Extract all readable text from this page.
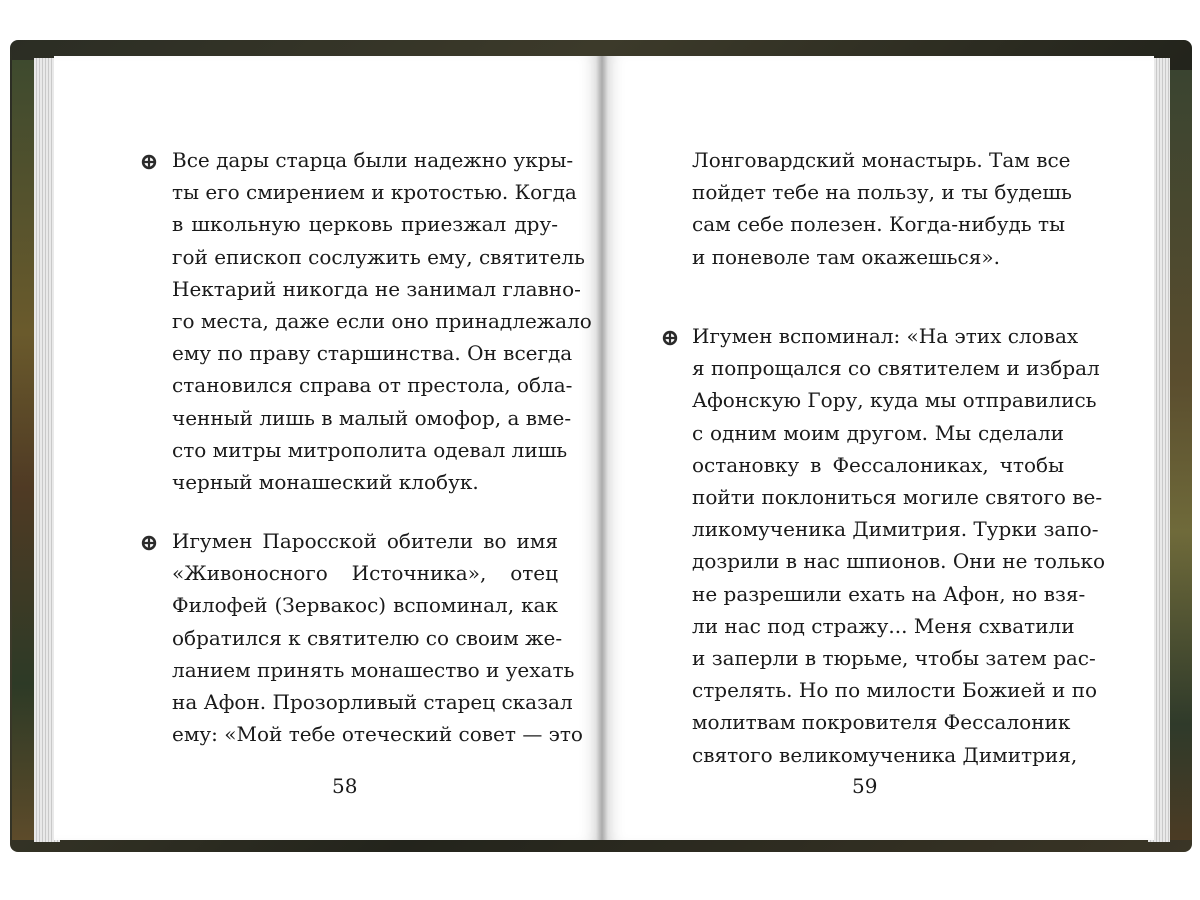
Все дары старца были надежно укры-
ты его смирением и кротостью. Когда
в школьную церковь приезжал дру-
гой епископ сослужить ему, святитель
Нектарий никогда не занимал главно-
го места, даже если оно принадлежало
ему по праву старшинства. Он всегда
становился справа от престола, обла-
ченный лишь в малый омофор, а вме-
сто митры митрополита одевал лишь
черный монашеский клобук.
Игумен Паросской обители во имя
«Живоносного Источника», отец
Филофей (Зервакос) вспоминал, как
обратился к святителю со своим же-
ланием принять монашество и уехать
на Афон. Прозорливый старец сказал
ему: «Мой тебе отеческий совет — это
58
Лонговардский монастырь. Там все
пойдет тебе на пользу, и ты будешь
сам себе полезен. Когда-нибудь ты
и поневоле там окажешься».
Игумен вспоминал: «На этих словах
я попрощался со святителем и избрал
Афонскую Гору, куда мы отправились
с одним моим другом. Мы сделали
остановку в Фессалониках, чтобы
пойти поклониться могиле святого ве-
ликомученика Димитрия. Турки запо-
дозрили в нас шпионов. Они не только
не разрешили ехать на Афон, но взя-
ли нас под стражу... Меня схватили
и заперли в тюрьме, чтобы затем рас-
стрелять. Но по милости Божией и по
молитвам покровителя Фессалоник
святого великомученика Димитрия,
59
